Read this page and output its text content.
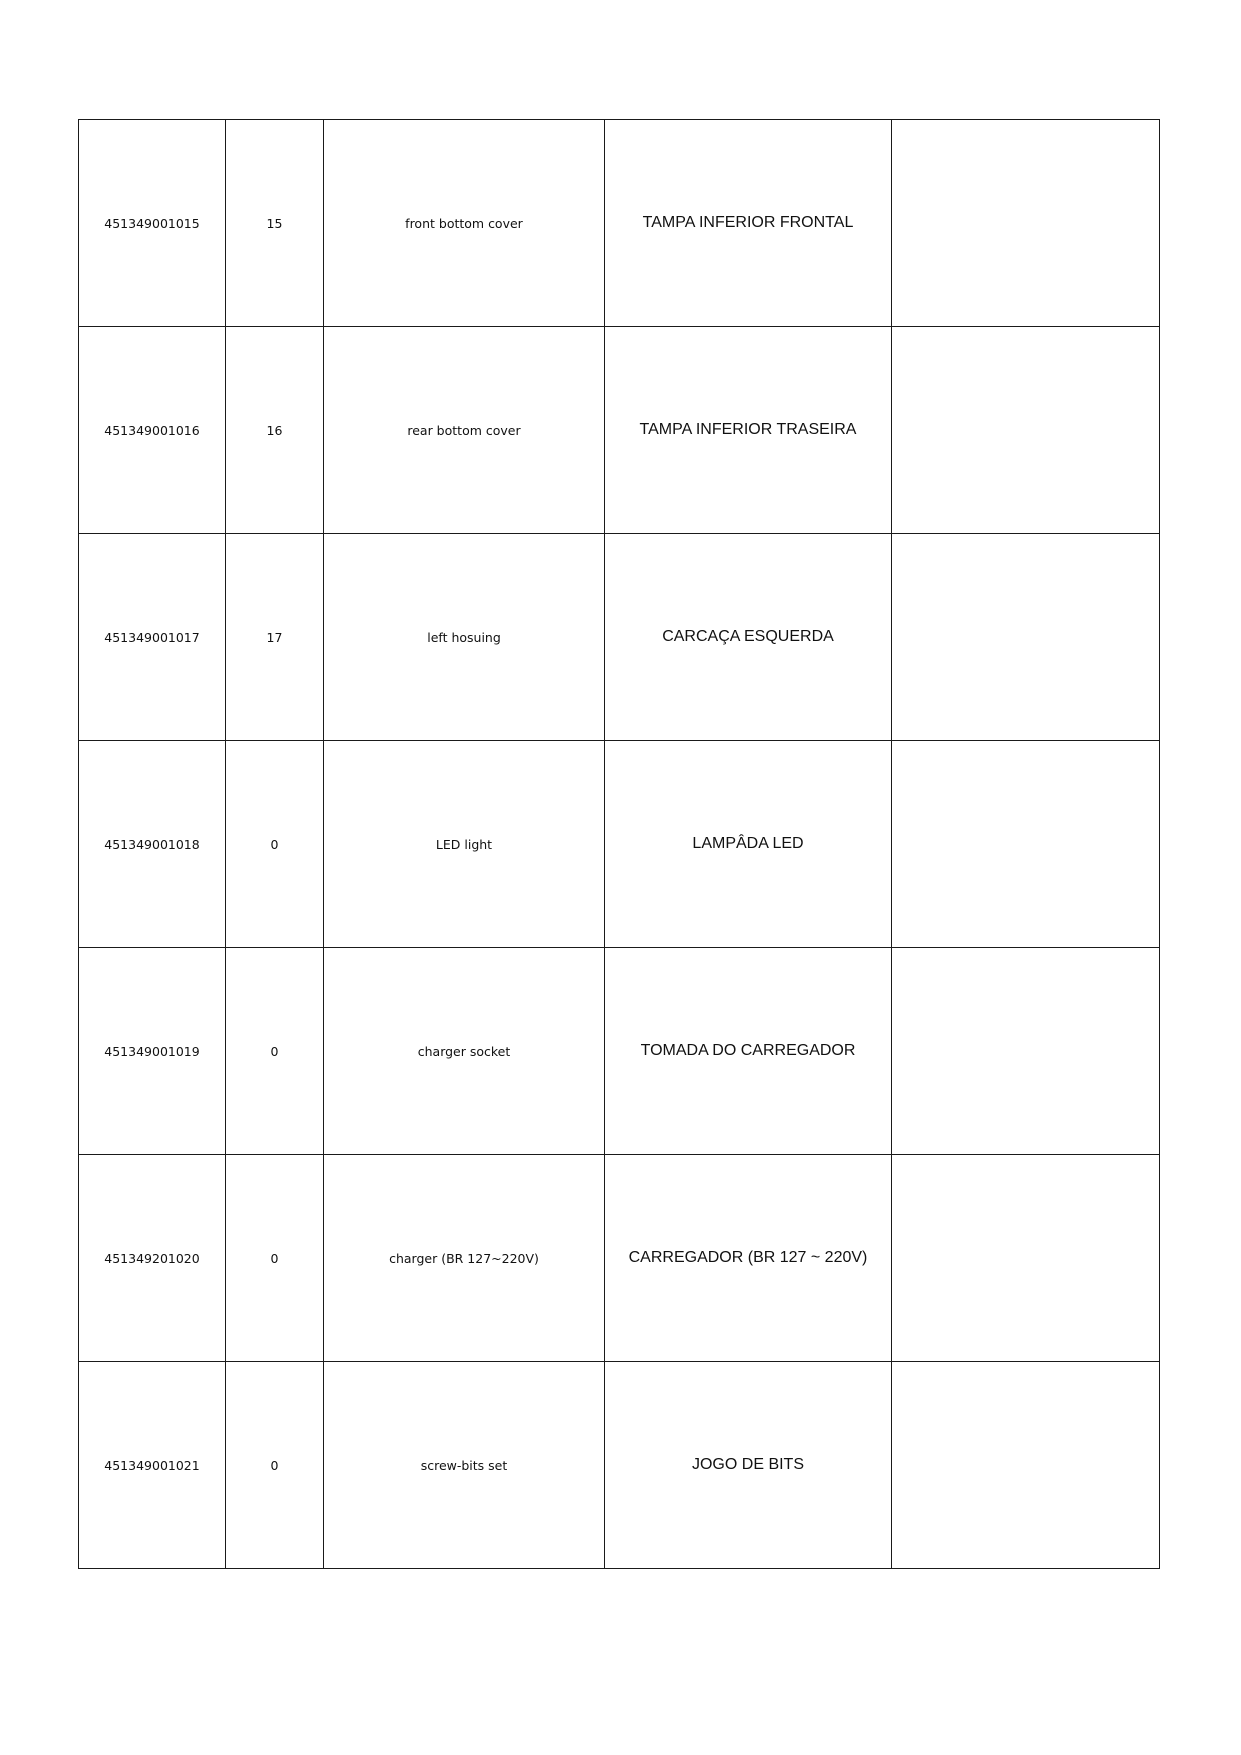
451349001015	15	front bottom cover	TAMPA INFERIOR FRONTAL	
451349001016	16	rear bottom cover	TAMPA INFERIOR TRASEIRA	
451349001017	17	left hosuing	CARCAÇA ESQUERDA	
451349001018	0	LED light	LAMPÂDA LED	
451349001019	0	charger socket	TOMADA DO CARREGADOR	
451349201020	0	charger (BR 127~220V)	CARREGADOR (BR 127 ~ 220V)	
451349001021	0	screw-bits set	JOGO DE BITS	
